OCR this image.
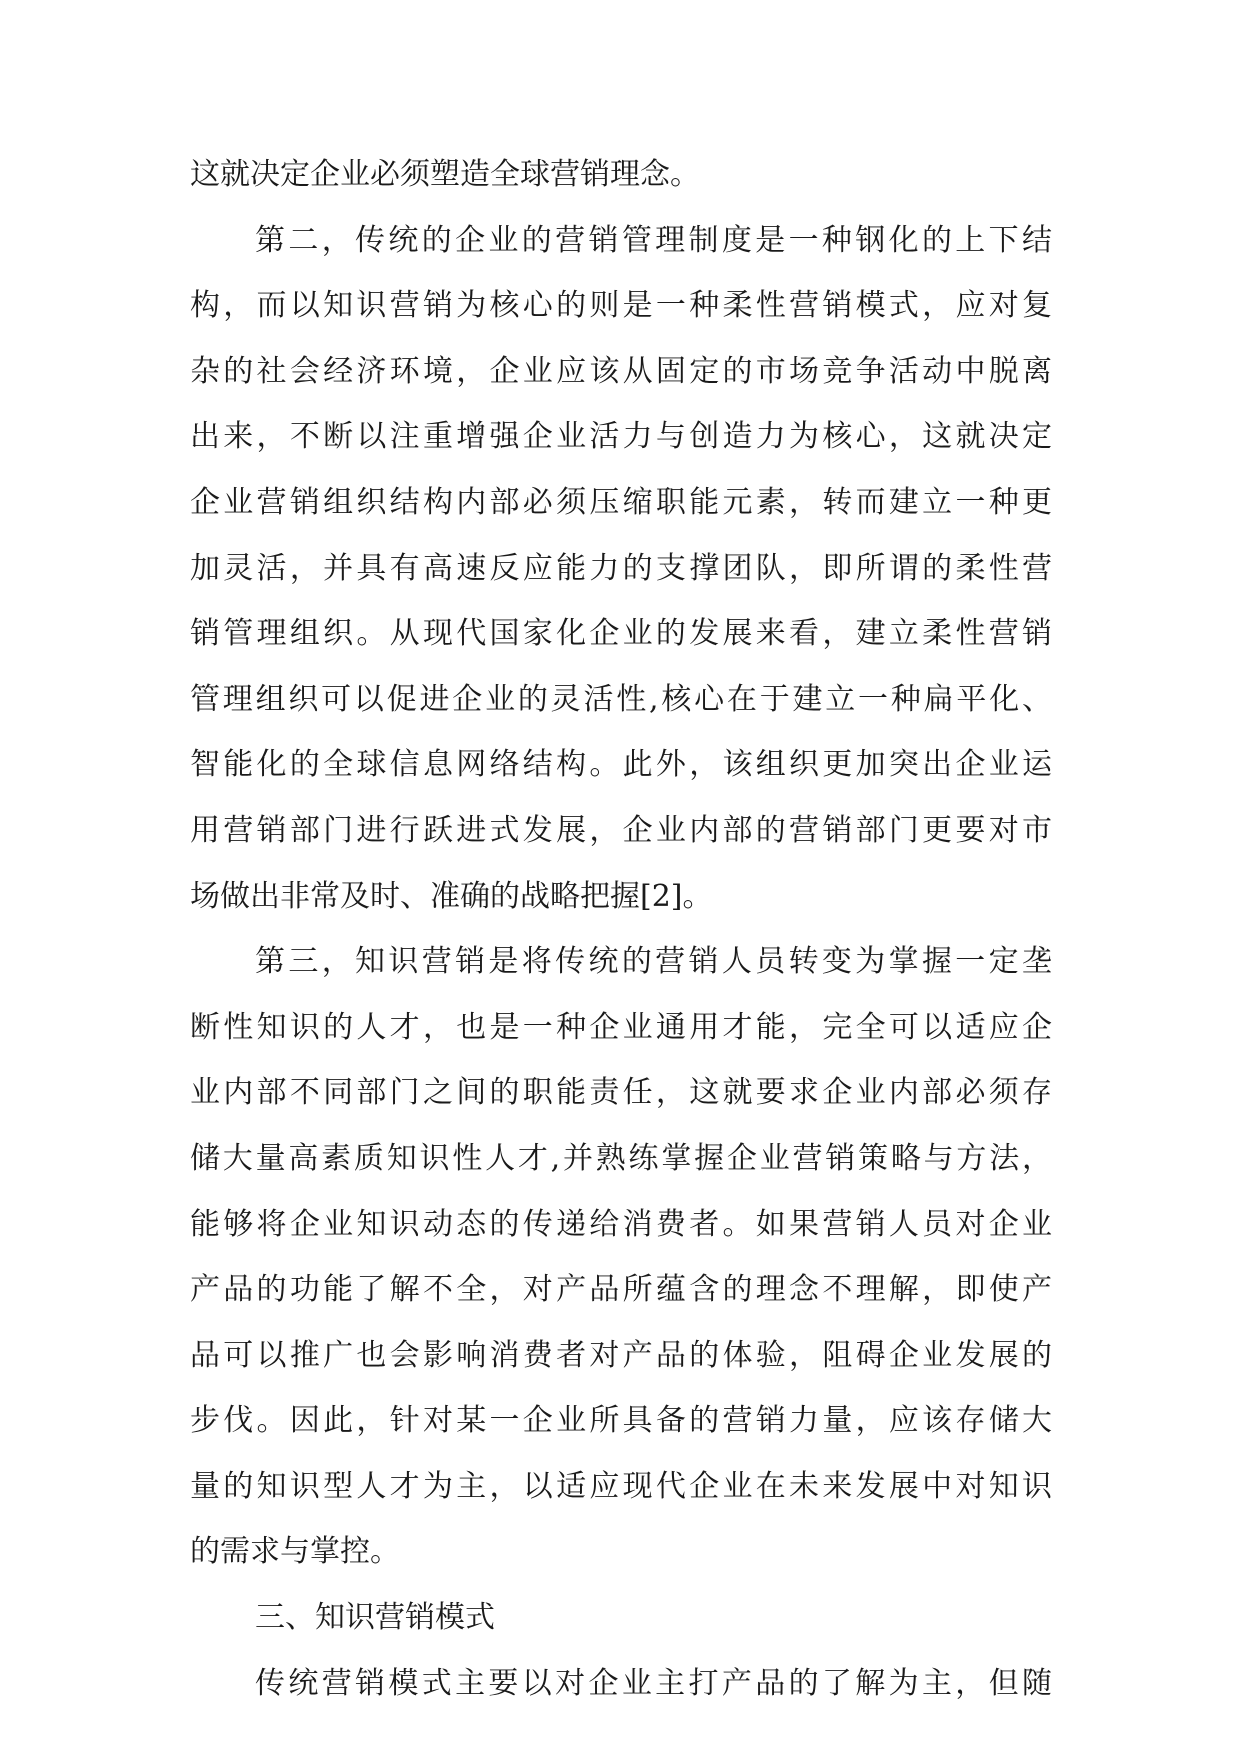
这就决定企业必须塑造全球营销理念。
第二，传统的企业的营销管理制度是一种钢化的上下结
构，而以知识营销为核心的则是一种柔性营销模式，应对复
杂的社会经济环境，企业应该从固定的市场竞争活动中脱离
出来，不断以注重增强企业活力与创造力为核心，这就决定
企业营销组织结构内部必须压缩职能元素，转而建立一种更
加灵活，并具有高速反应能力的支撑团队，即所谓的柔性营
销管理组织。从现代国家化企业的发展来看，建立柔性营销
管理组织可以促进企业的灵活性,核心在于建立一种扁平化、
智能化的全球信息网络结构。此外，该组织更加突出企业运
用营销部门进行跃进式发展，企业内部的营销部门更要对市
场做出非常及时、准确的战略把握[2]。
第三，知识营销是将传统的营销人员转变为掌握一定垄
断性知识的人才，也是一种企业通用才能，完全可以适应企
业内部不同部门之间的职能责任，这就要求企业内部必须存
储大量高素质知识性人才,并熟练掌握企业营销策略与方法，
能够将企业知识动态的传递给消费者。如果营销人员对企业
产品的功能了解不全，对产品所蕴含的理念不理解，即使产
品可以推广也会影响消费者对产品的体验，阻碍企业发展的
步伐。因此，针对某一企业所具备的营销力量，应该存储大
量的知识型人才为主，以适应现代企业在未来发展中对知识
的需求与掌控。
三、知识营销模式
传统营销模式主要以对企业主打产品的了解为主，但随
